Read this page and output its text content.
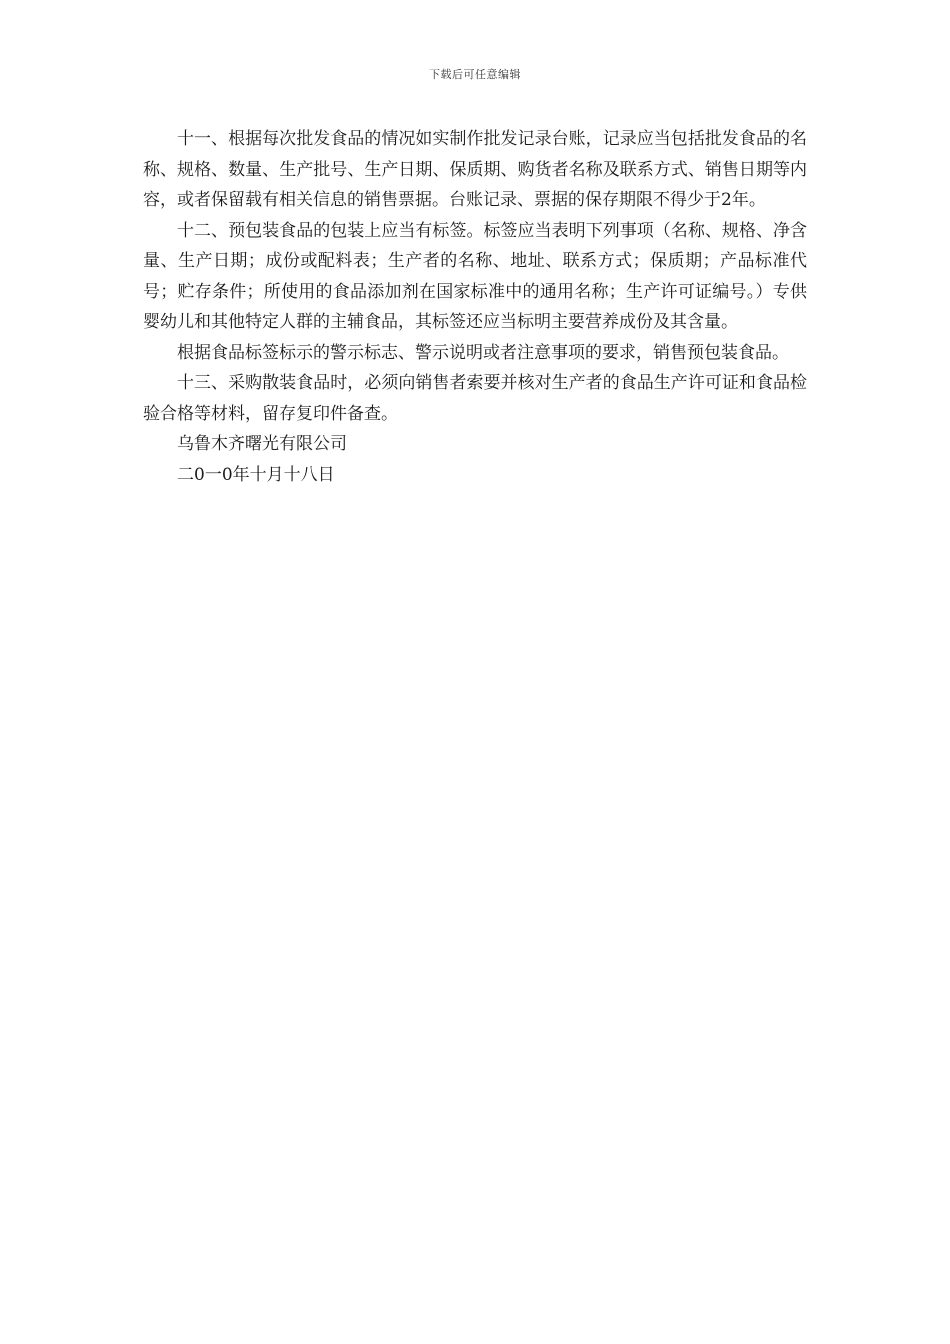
下载后可任意编辑

十一、根据每次批发食品的情况如实制作批发记录台账，记录应当包括批发食品的名称、规格、数量、生产批号、生产日期、保质期、购货者名称及联系方式、销售日期等内容，或者保留载有相关信息的销售票据。台账记录、票据的保存期限不得少于2年。

十二、预包装食品的包装上应当有标签。标签应当表明下列事项（名称、规格、净含量、生产日期；成份或配料表；生产者的名称、地址、联系方式；保质期；产品标准代号；贮存条件；所使用的食品添加剂在国家标准中的通用名称；生产许可证编号。）专供婴幼儿和其他特定人群的主辅食品，其标签还应当标明主要营养成份及其含量。

根据食品标签标示的警示标志、警示说明或者注意事项的要求，销售预包装食品。

十三、采购散装食品时，必须向销售者索要并核对生产者的食品生产许可证和食品检验合格等材料，留存复印件备查。

乌鲁木齐曙光有限公司

二0一0年十月十八日
